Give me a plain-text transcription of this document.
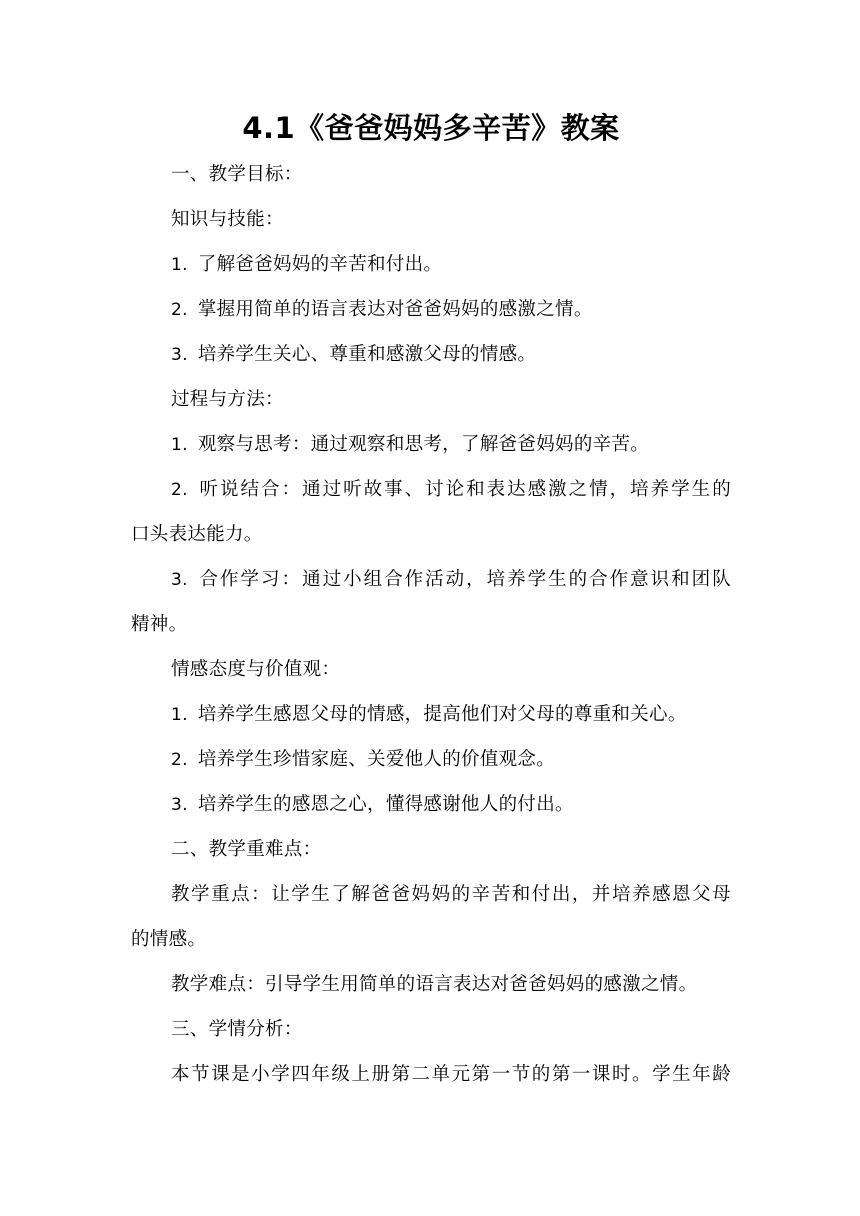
4.1《爸爸妈妈多辛苦》教案
一、教学目标：
知识与技能：
1. 了解爸爸妈妈的辛苦和付出。
2. 掌握用简单的语言表达对爸爸妈妈的感激之情。
3. 培养学生关心、尊重和感激父母的情感。
过程与方法：
1. 观察与思考：通过观察和思考，了解爸爸妈妈的辛苦。
2. 听说结合：通过听故事、讨论和表达感激之情，培养学生的
口头表达能力。
3. 合作学习：通过小组合作活动，培养学生的合作意识和团队
精神。
情感态度与价值观：
1. 培养学生感恩父母的情感，提高他们对父母的尊重和关心。
2. 培养学生珍惜家庭、关爱他人的价值观念。
3. 培养学生的感恩之心，懂得感谢他人的付出。
二、教学重难点：
教学重点：让学生了解爸爸妈妈的辛苦和付出，并培养感恩父母
的情感。
教学难点：引导学生用简单的语言表达对爸爸妈妈的感激之情。
三、学情分析：
本节课是小学四年级上册第二单元第一节的第一课时。学生年龄
